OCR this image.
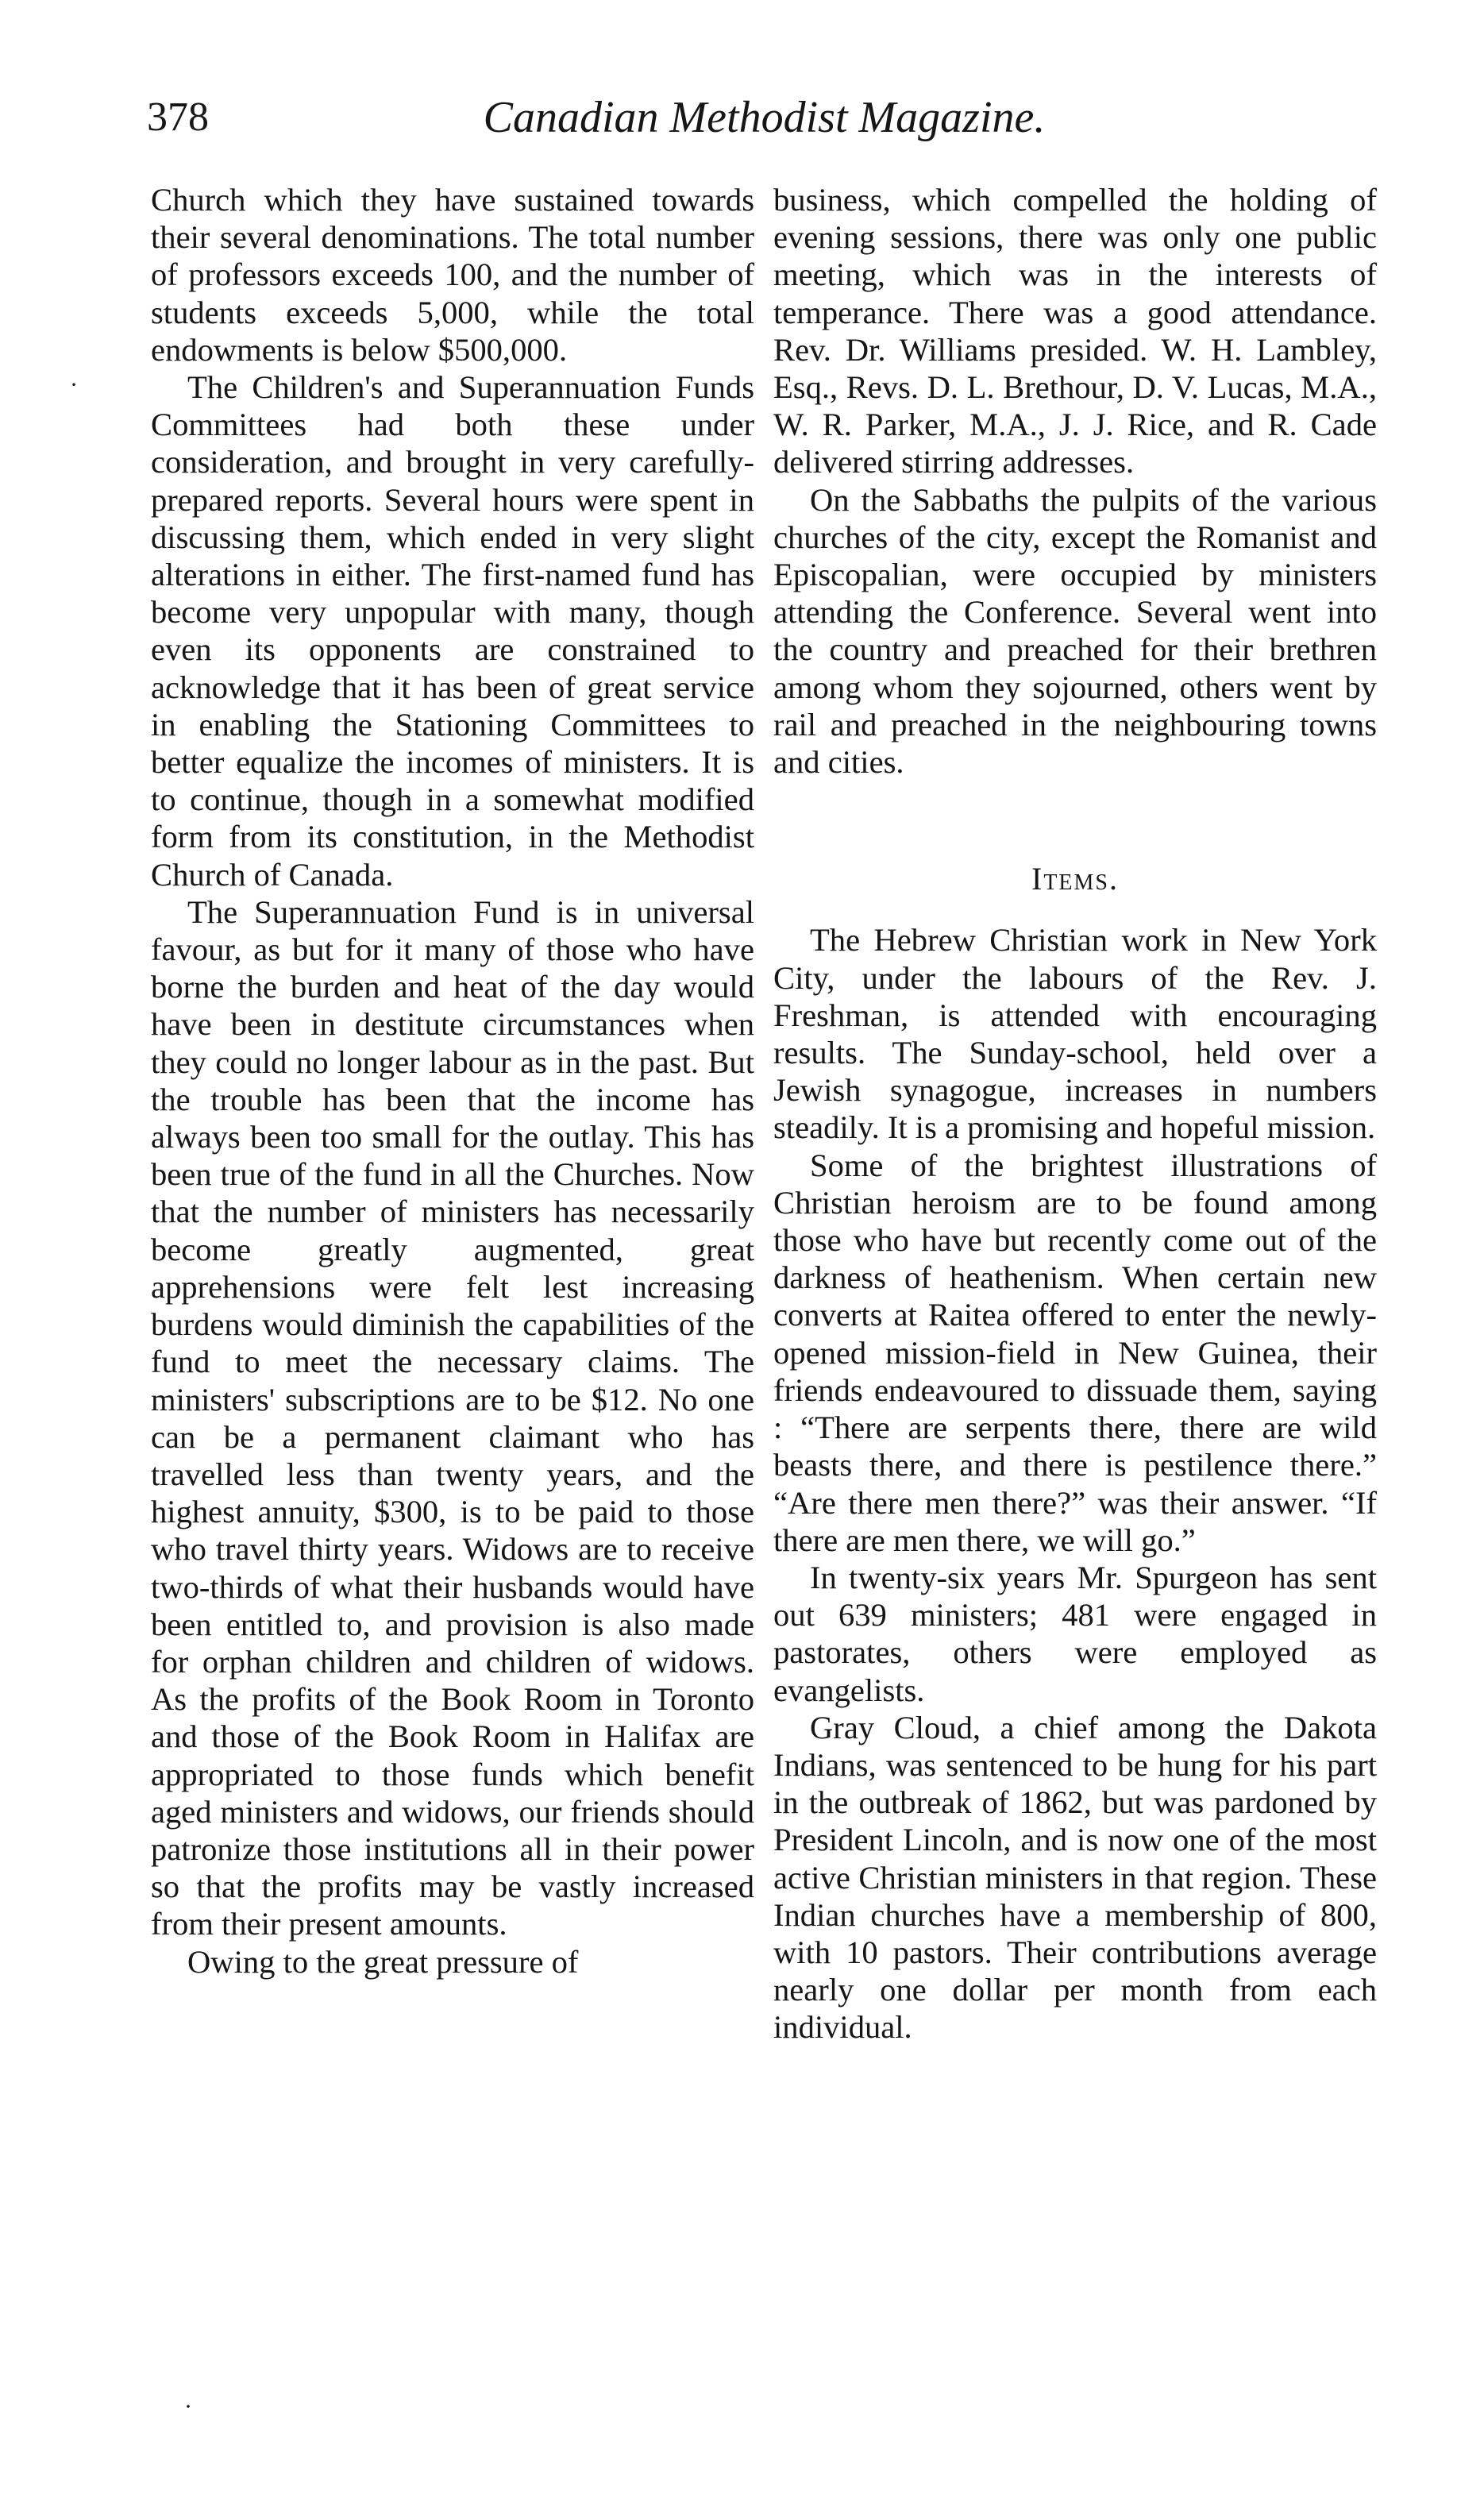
378	Canadian Methodist Magazine.

Church which they have sustained towards their several denominations. The total number of professors exceeds 100, and the number of students exceeds 5,000, while the total endowments is below $500,000.

The Children's and Superannuation Funds Committees had both these under consideration, and brought in very carefully-prepared reports. Several hours were spent in discussing them, which ended in very slight alterations in either. The first-named fund has become very unpopular with many, though even its opponents are constrained to acknowledge that it has been of great service in enabling the Stationing Committees to better equalize the incomes of ministers. It is to continue, though in a somewhat modified form from its constitution, in the Methodist Church of Canada.

The Superannuation Fund is in universal favour, as but for it many of those who have borne the burden and heat of the day would have been in destitute circumstances when they could no longer labour as in the past. But the trouble has been that the income has always been too small for the outlay. This has been true of the fund in all the Churches. Now that the number of ministers has necessarily become greatly augmented, great apprehensions were felt lest increasing burdens would diminish the capabilities of the fund to meet the necessary claims. The ministers' subscriptions are to be $12. No one can be a permanent claimant who has travelled less than twenty years, and the highest annuity, $300, is to be paid to those who travel thirty years. Widows are to receive two-thirds of what their husbands would have been entitled to, and provision is also made for orphan children and children of widows. As the profits of the Book Room in Toronto and those of the Book Room in Halifax are appropriated to those funds which benefit aged ministers and widows, our friends should patronize those institutions all in their power so that the profits may be vastly increased from their present amounts.

Owing to the great pressure of

business, which compelled the holding of evening sessions, there was only one public meeting, which was in the interests of temperance. There was a good attendance. Rev. Dr. Williams presided. W. H. Lambley, Esq., Revs. D. L. Brethour, D. V. Lucas, M.A., W. R. Parker, M.A., J. J. Rice, and R. Cade delivered stirring addresses.

On the Sabbaths the pulpits of the various churches of the city, except the Romanist and Episcopalian, were occupied by ministers attending the Conference. Several went into the country and preached for their brethren among whom they sojourned, others went by rail and preached in the neighbouring towns and cities.

Items.

The Hebrew Christian work in New York City, under the labours of the Rev. J. Freshman, is attended with encouraging results. The Sunday-school, held over a Jewish synagogue, increases in numbers steadily. It is a promising and hopeful mission.

Some of the brightest illustrations of Christian heroism are to be found among those who have but recently come out of the darkness of heathenism. When certain new converts at Raitea offered to enter the newly-opened mission-field in New Guinea, their friends endeavoured to dissuade them, saying : “There are serpents there, there are wild beasts there, and there is pestilence there.” “Are there men there?” was their answer. “If there are men there, we will go.”

In twenty-six years Mr. Spurgeon has sent out 639 ministers; 481 were engaged in pastorates, others were employed as evangelists.

Gray Cloud, a chief among the Dakota Indians, was sentenced to be hung for his part in the outbreak of 1862, but was pardoned by President Lincoln, and is now one of the most active Christian ministers in that region. These Indian churches have a membership of 800, with 10 pastors. Their contributions average nearly one dollar per month from each individual.

·
·
